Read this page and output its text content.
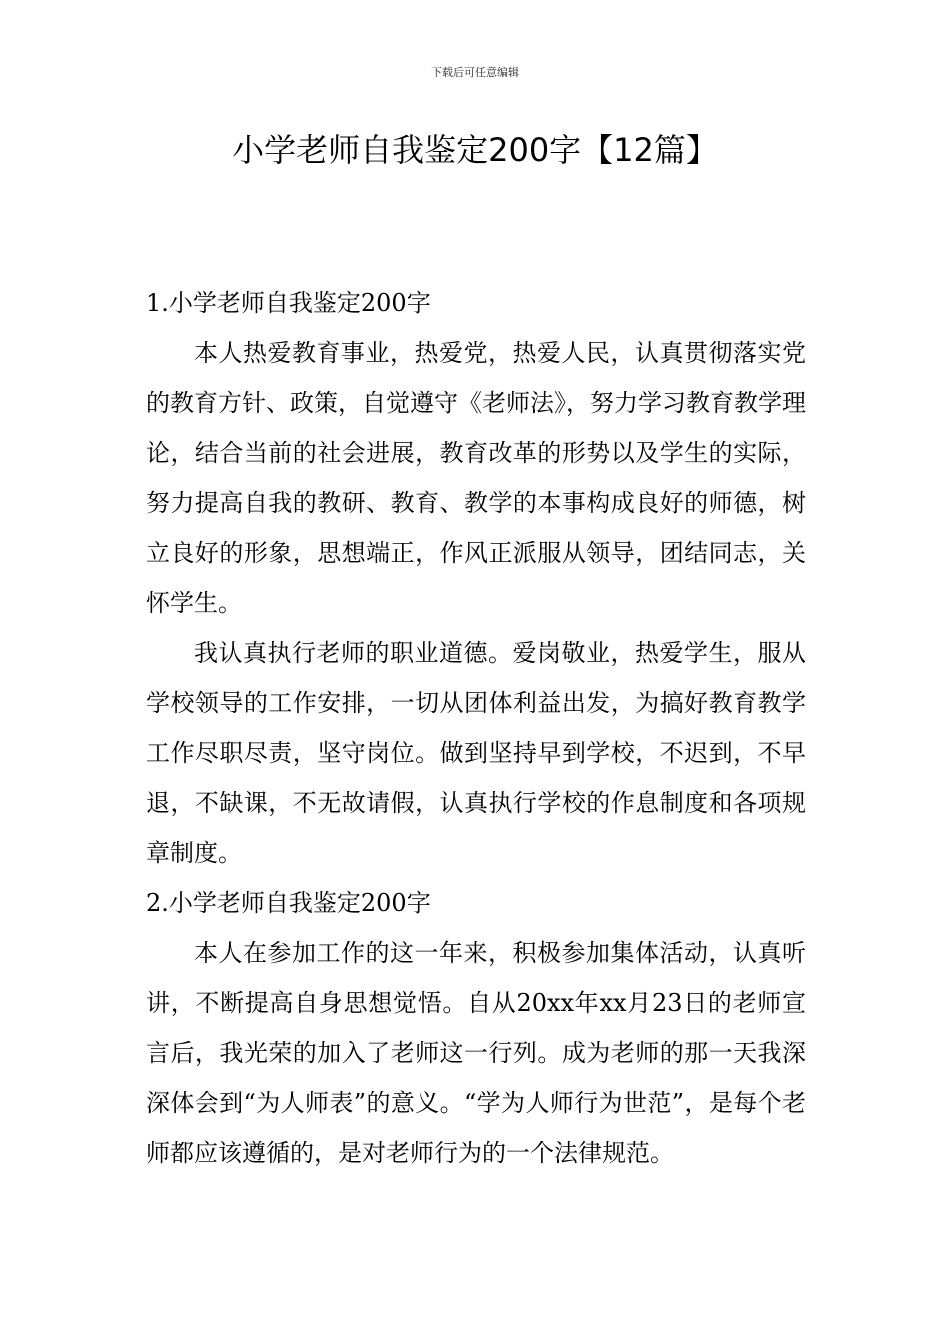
下载后可任意编辑
小学老师自我鉴定200字【12篇】
1.小学老师自我鉴定200字

本人热爱教育事业，热爱党，热爱人民，认真贯彻落实党的教育方针、政策，自觉遵守《老师法》，努力学习教育教学理论，结合当前的社会进展，教育改革的形势以及学生的实际，努力提高自我的教研、教育、教学的本事构成良好的师德，树立良好的形象，思想端正，作风正派服从领导，团结同志，关怀学生。

我认真执行老师的职业道德。爱岗敬业，热爱学生，服从学校领导的工作安排，一切从团体利益出发，为搞好教育教学工作尽职尽责，坚守岗位。做到坚持早到学校，不迟到，不早退，不缺课，不无故请假，认真执行学校的作息制度和各项规章制度。

2.小学老师自我鉴定200字

本人在参加工作的这一年来，积极参加集体活动，认真听讲，不断提高自身思想觉悟。自从20xx年xx月23日的老师宣言后，我光荣的加入了老师这一行列。成为老师的那一天我深深体会到“为人师表”的意义。“学为人师行为世范”，是每个老师都应该遵循的，是对老师行为的一个法律规范。
